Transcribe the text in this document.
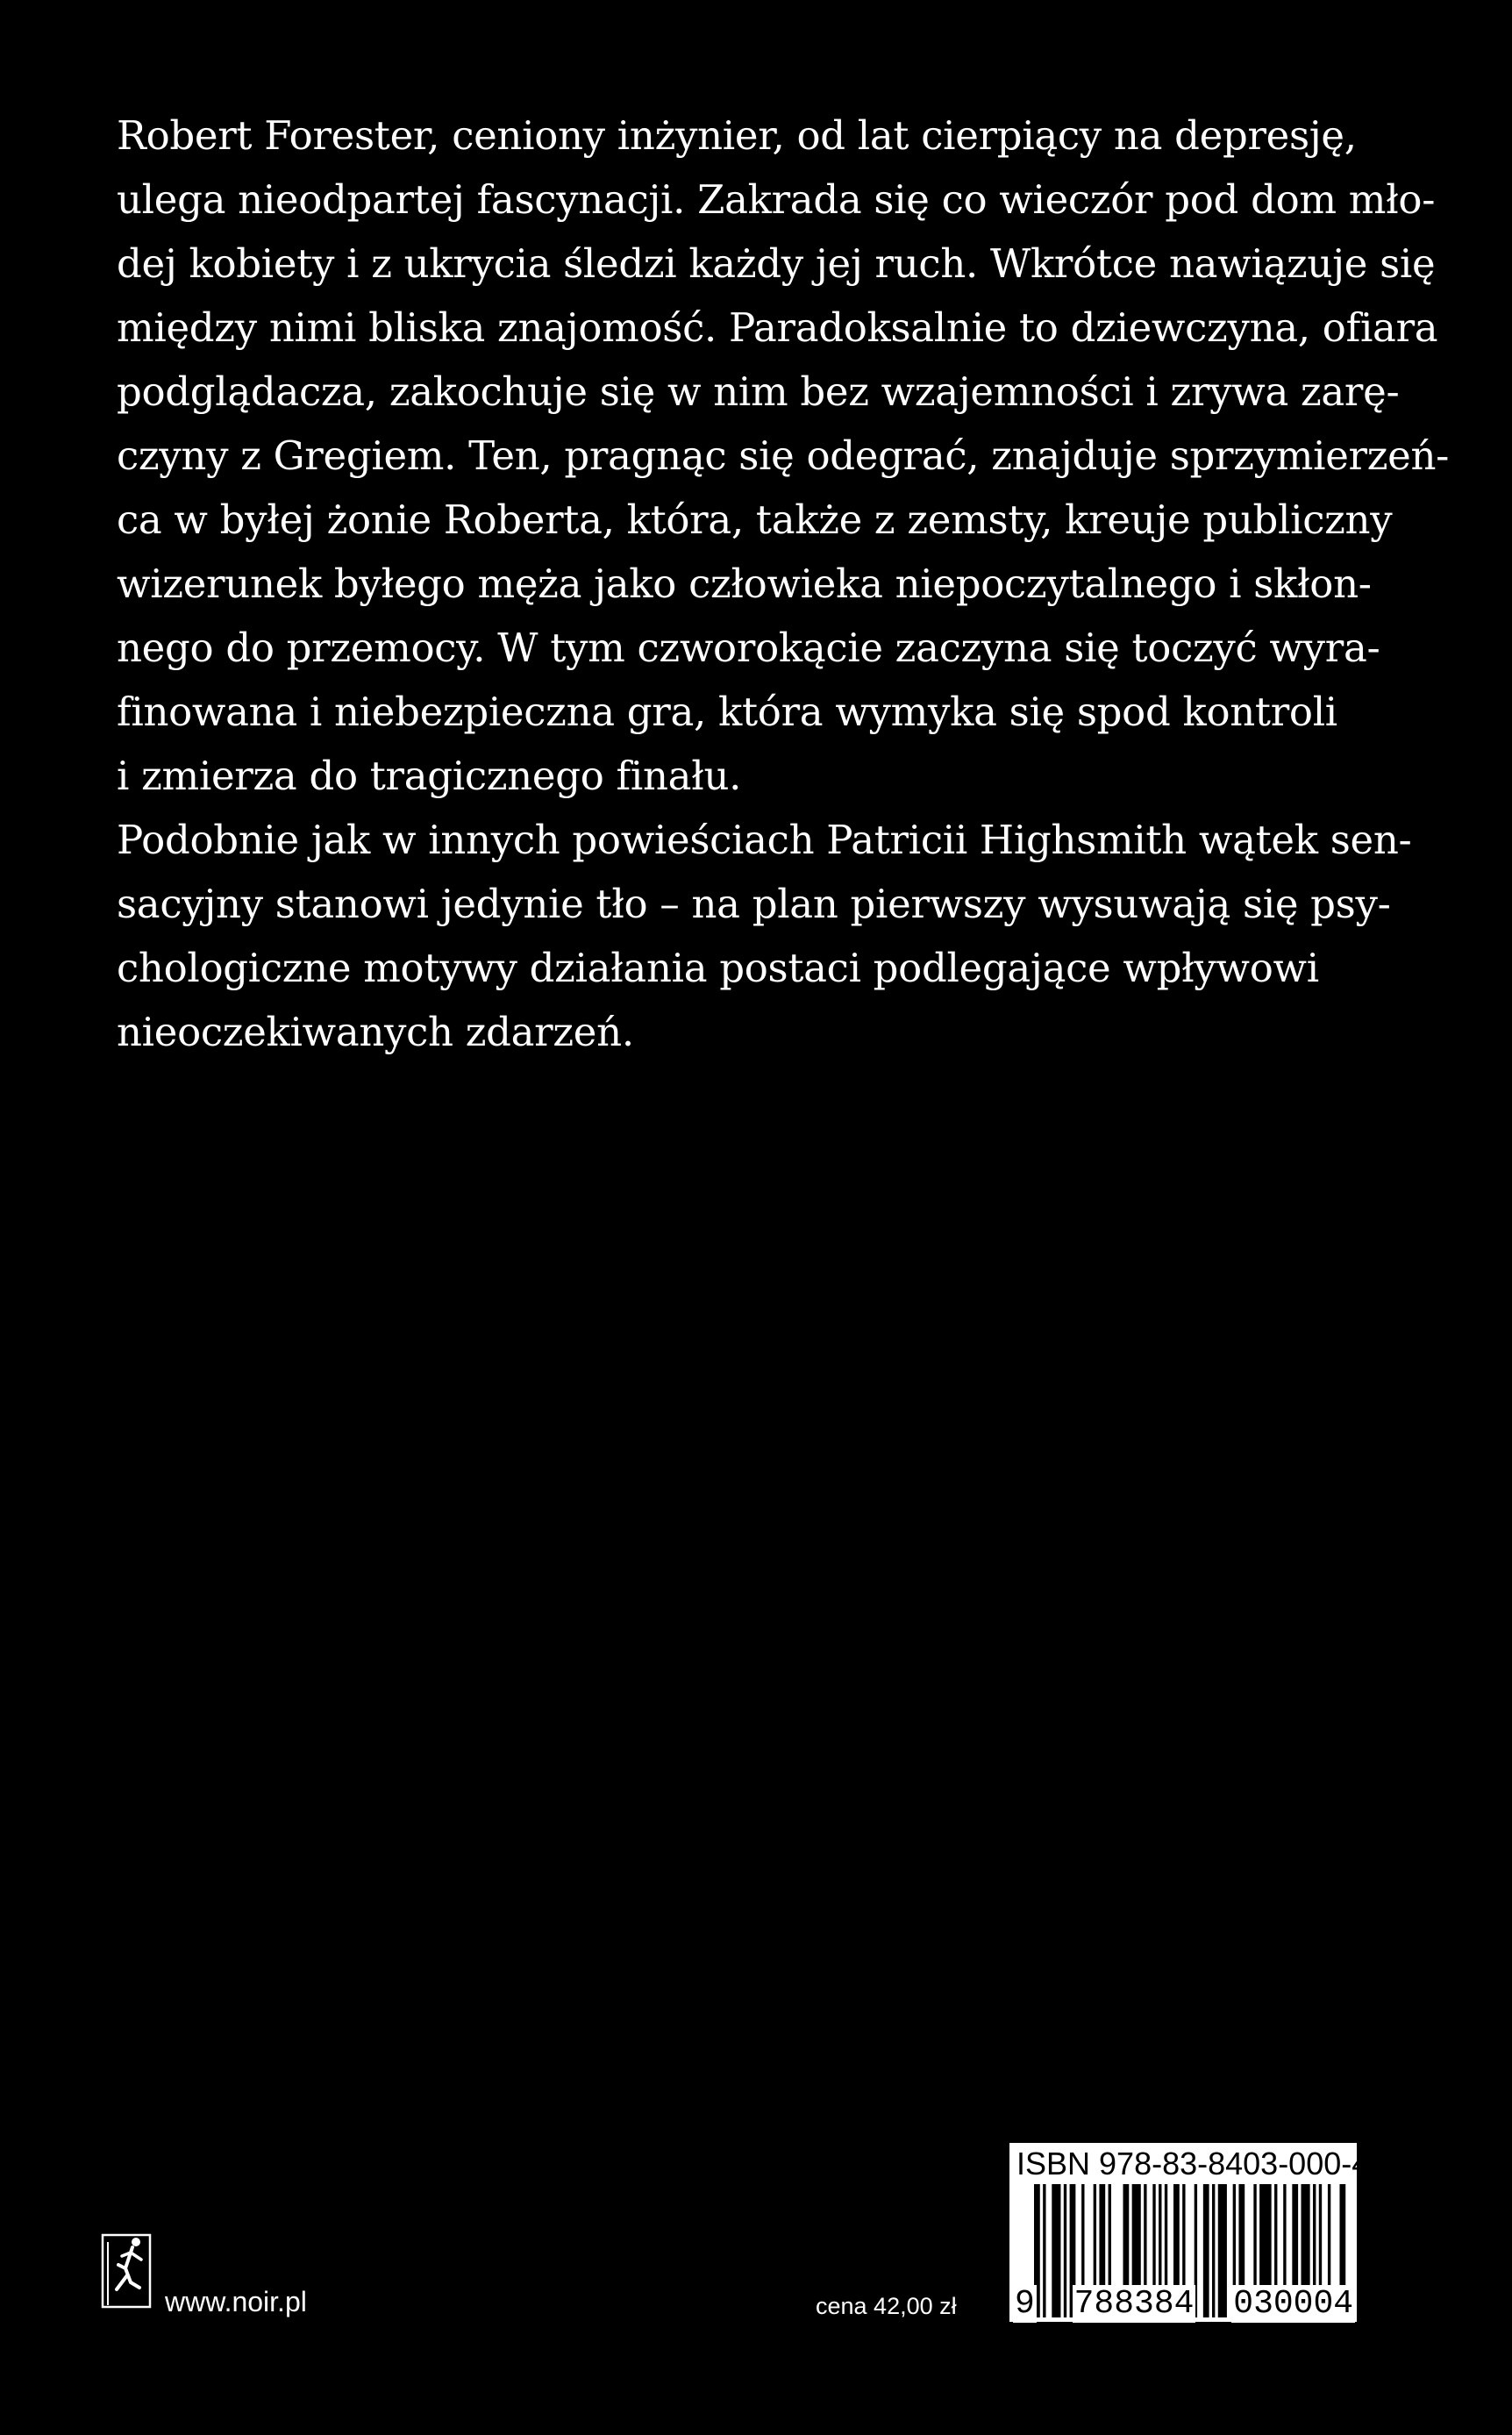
Robert Forester, ceniony inżynier, od lat cierpiący na depresję,

ulega nieodpartej fascynacji. Zakrada się co wieczór pod dom mło-

dej kobiety i z ukrycia śledzi każdy jej ruch. Wkrótce nawiązuje się

między nimi bliska znajomość. Paradoksalnie to dziewczyna, ofiara

podglądacza, zakochuje się w nim bez wzajemności i zrywa zarę-

czyny z Gregiem. Ten, pragnąc się odegrać, znajduje sprzymierzeń-

ca w byłej żonie Roberta, która, także z zemsty, kreuje publiczny

wizerunek byłego męża jako człowieka niepoczytalnego i skłon-

nego do przemocy. W tym czworokącie zaczyna się toczyć wyra-

finowana i niebezpieczna gra, która wymyka się spod kontroli

i zmierza do tragicznego finału.

Podobnie jak w innych powieściach Patricii Highsmith wątek sen-

sacyjny stanowi jedynie tło – na plan pierwszy wysuwają się psy-

chologiczne motywy działania postaci podlegające wpływowi

nieoczekiwanych zdarzeń.

www.noir.pl	cena 42,00 zł
ISBN 978-83-8403-000-4
9 788384 030004
